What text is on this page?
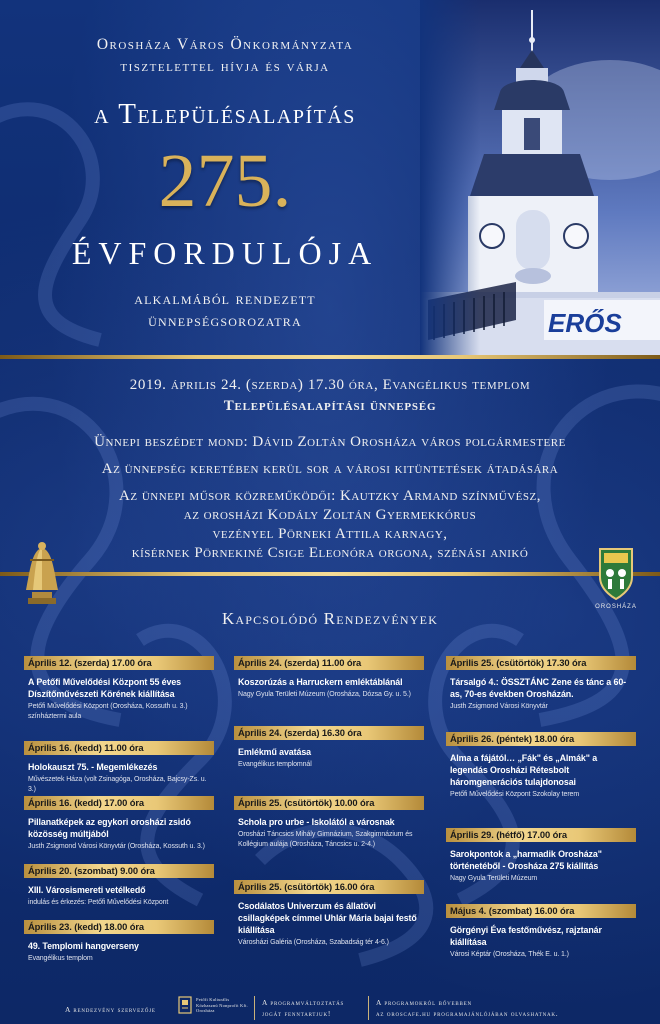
Orosháza Város Önkormányzata
tisztelettel hívja és várja
a Településalapítás
275.
évfordulója
alkalmából rendezett
ünnepségsorozatra
2019. április 24. (szerda) 17.30 óra, Evangélikus templom
Településalapítási ünnepség
Ünnepi beszédet mond: Dávid Zoltán Orosháza város polgármestere
Az ünnepség keretében kerül sor a városi kitüntetések átadására
Az ünnepi műsor közreműködői: Kautzky Armand színművész,
az orosházi Kodály Zoltán Gyermekkórus
vezényel Pörneki Attila karnagy,
kísérnek Pörnekiné Csige Eleonóra orgona, szénási anikó
OROSHÁZA
Kapcsolódó Rendezvények
Április 12. (szerda) 17.00 óra
A Petőfi Művelődési Központ 55 éves Díszítőművészeti Körének kiállítása
Petőfi Művelődési Központ (Orosháza, Kossuth u. 3.) színháztermi aula
Április 16. (kedd) 11.00 óra
Holokauszt 75. - Megemlékezés
Művészetek Háza (volt Zsinagóga, Orosháza, Bajcsy-Zs. u. 3.)
Április 16. (kedd) 17.00 óra
Pillanatképek az egykori orosházi zsidó közösség múltjából
Justh Zsigmond Városi Könyvtár (Orosháza, Kossuth u. 3.)
Április 20. (szombat) 9.00 óra
XIII. Városismereti vetélkedő
indulás és érkezés: Petőfi Művelődési Központ
Április 23. (kedd) 18.00 óra
49. Templomi hangverseny
Evangélikus templom
Április 24. (szerda) 11.00 óra
Koszorúzás a Harruckern emléktáblánál
Nagy Gyula Területi Múzeum (Orosháza, Dózsa Gy. u. 5.)
Április 24. (szerda) 16.30 óra
Emlékmű avatása
Evangélikus templomnál
Április 25. (csütörtök) 10.00 óra
Schola pro urbe - Iskolától a városnak
Orosházi Táncsics Mihály Gimnázium, Szakgimnázium és Kollégium aulája (Orosháza, Táncsics u. 2-4.)
Április 25. (csütörtök) 16.00 óra
Csodálatos Univerzum és állatövi csillagképek címmel Uhlár Mária bajai festő kiállítása
Városházi Galéria (Orosháza, Szabadság tér 4-6.)
Április 25. (csütörtök) 17.30 óra
Társalgó 4.: ÖSSZTÁNC Zene és tánc a 60-as, 70-es években Orosházán.
Justh Zsigmond Városi Könyvtár
Április 26. (péntek) 18.00 óra
Alma a fájától… „Fák" és „Almák" a legendás Orosházi Rétesbolt háromgenerációs tulajdonosai
Petőfi Művelődési Központ Szokolay terem
Április 29. (hétfő) 17.00 óra
Sarokpontok a „harmadik Orosháza" történetéből - Orosháza 275 kiállítás
Nagy Gyula Területi Múzeum
Május 4. (szombat) 16.00 óra
Görgényi Éva festőművész, rajztanár kiállítása
Városi Képtár (Orosháza, Thék E. u. 1.)
A rendezvény szervezője
Petőfi Kulturális Közhasznú Nonprofit Kft. Orosháza
A programváltoztatás
jogát fenntartjuk!
A programokról bővebben
az oroscafe.hu programajánlójában olvashatnak.
